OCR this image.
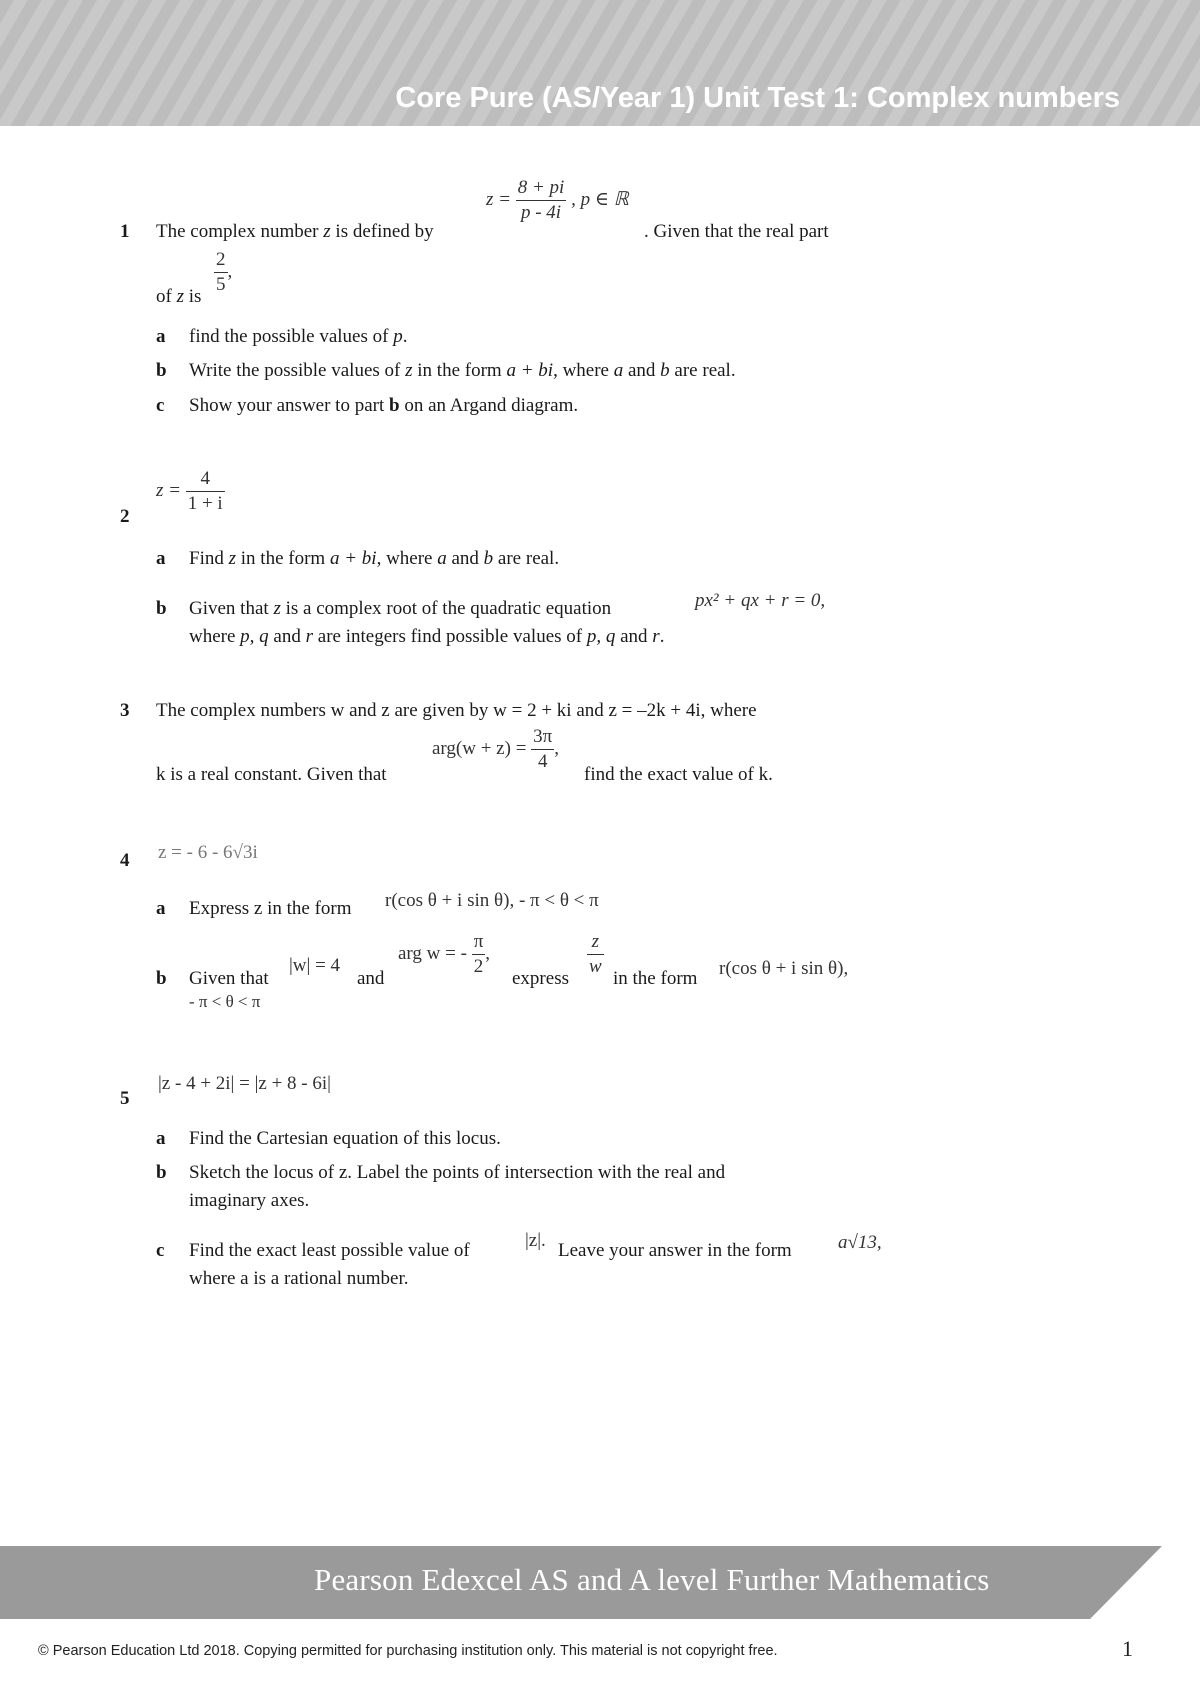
Core Pure (AS/Year 1) Unit Test 1: Complex numbers
1 The complex number z is defined by
$z = \frac{8 + pi}{p - 4i}$ , p ∈ ℝ
. Given that the real part
of z is $\frac{2}{5}$ ,
a find the possible values of p.
b Write the possible values of z in the form a + bi, where a and b are real.
c Show your answer to part b on an Argand diagram.
2
$z = \frac{4}{1 + i}$
a Find z in the form a + bi, where a and b are real.
b Given that z is a complex root of the quadratic equation	px² + qx + r = 0,
where p, q and r are integers find possible values of p, q and r.
3 The complex numbers w and z are given by w = 2 + ki and z = –2k + 4i, where
k is a real constant. Given that
$arg(w + z) = \frac{3\pi}{4}$ ,
find the exact value of k.
4 z = - 6 - 6√3i
a Express z in the form r(cos θ + i sin θ), - π < θ < π
b Given that
|w| = 4
and
arg w = - $\frac{\pi}{2}$ ,
express $\frac{z}{w}$ in the form r(cos θ + i sin θ),
- π < θ < π
5
|z - 4 + 2i| = |z + 8 - 6i|
a Find the Cartesian equation of this locus.
b Sketch the locus of z. Label the points of intersection with the real and
imaginary axes.
c Find the exact least possible value of	|z|. Leave your answer in the form a√13,
where a is a rational number.
Pearson Edexcel AS and A level Further Mathematics
© Pearson Education Ltd 2018. Copying permitted for purchasing institution only. This material is not copyright free.	1
